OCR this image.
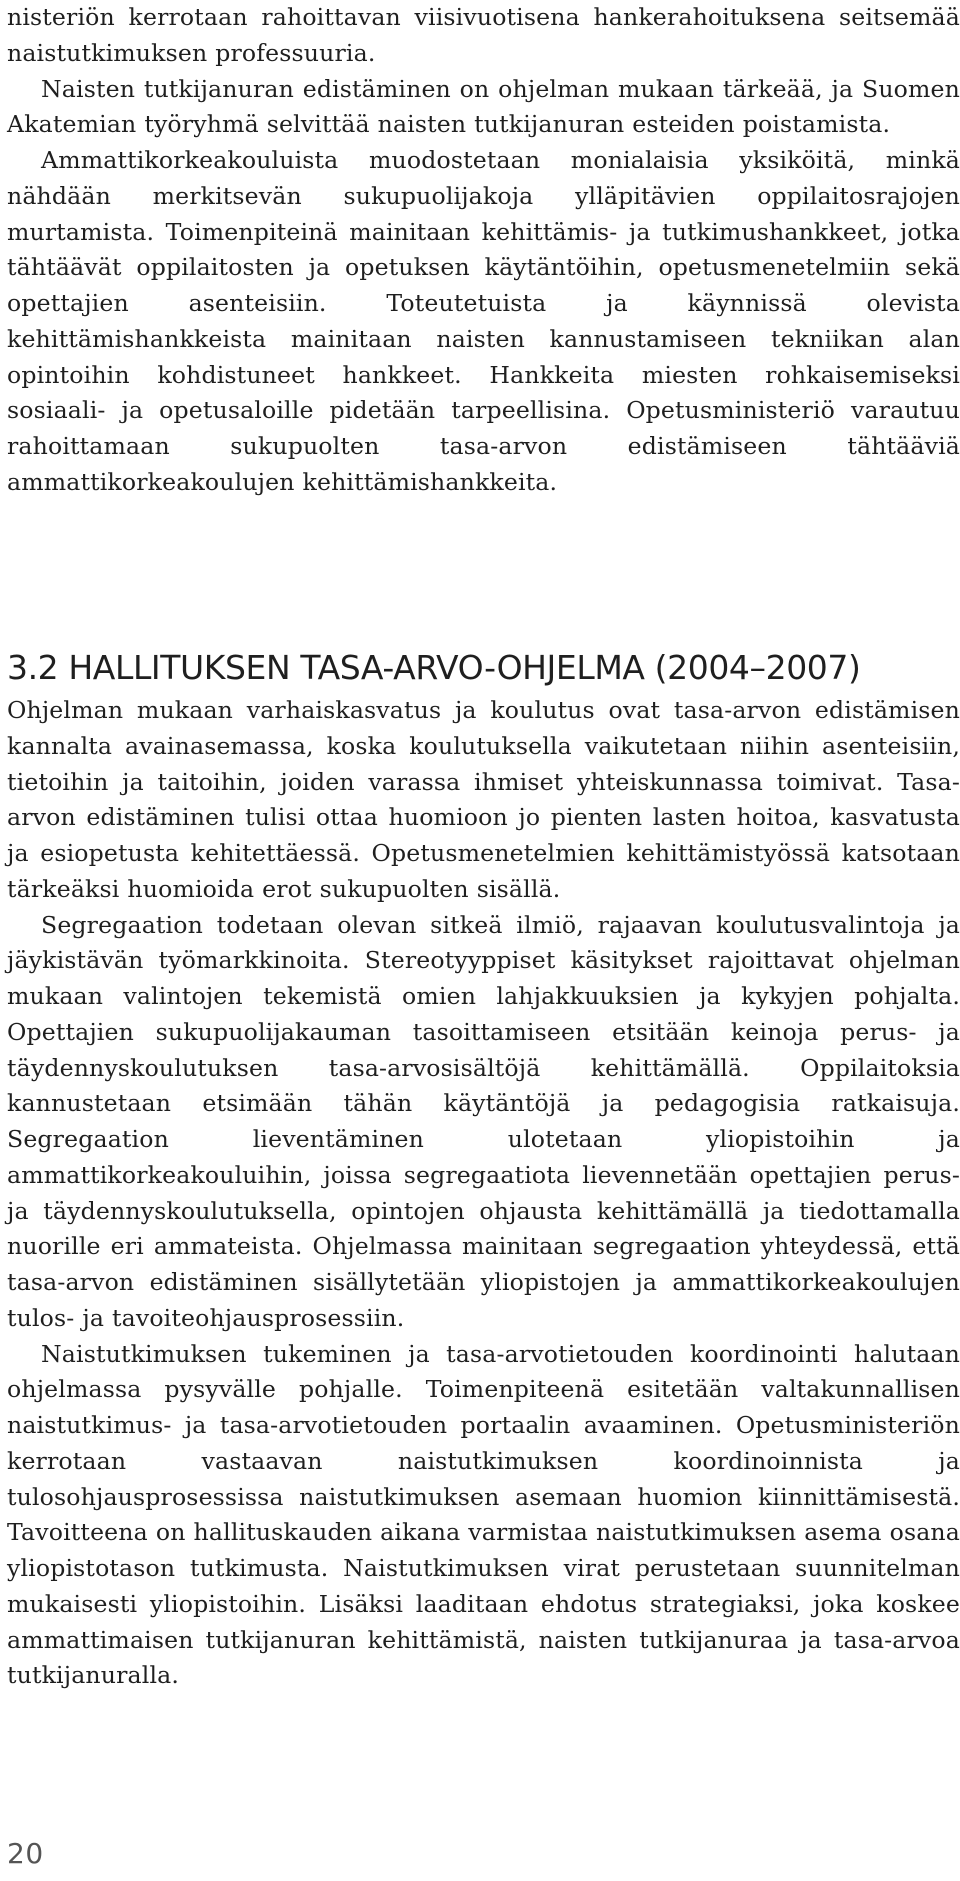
nisteriön kerrotaan rahoittavan viisivuotisena hankerahoituksena seitsemää naistutkimuksen professuuria.

Naisten tutkijanuran edistäminen on ohjelman mukaan tärkeää, ja Suomen Akatemian työryhmä selvittää naisten tutkijanuran esteiden poistamista.

Ammattikorkeakouluista muodostetaan monialaisia yksiköitä, minkä nähdään merkitsevän sukupuolijakoja ylläpitävien oppilaitosrajojen murtamista. Toimenpiteinä mainitaan kehittämis- ja tutkimushankkeet, jotka tähtäävät oppilaitosten ja opetuksen käytäntöihin, opetusmenetelmiin sekä opettajien asenteisiin. Toteutetuista ja käynnissä olevista kehittämishankkeista mainitaan naisten kannustamiseen tekniikan alan opintoihin kohdistuneet hankkeet. Hankkeita miesten rohkaisemiseksi sosiaali- ja opetusaloille pidetään tarpeellisina. Opetusministeriö varautuu rahoittamaan sukupuolten tasa-arvon edistämiseen tähtääviä ammattikorkeakoulujen kehittämishankkeita.

3.2 HALLITUKSEN TASA-ARVO-OHJELMA (2004–2007)

Ohjelman mukaan varhaiskasvatus ja koulutus ovat tasa-arvon edistämisen kannalta avainasemassa, koska koulutuksella vaikutetaan niihin asenteisiin, tietoihin ja taitoihin, joiden varassa ihmiset yhteiskunnassa toimivat. Tasa-arvon edistäminen tulisi ottaa huomioon jo pienten lasten hoitoa, kasvatusta ja esiopetusta kehitettäessä. Opetusmenetelmien kehittämistyössä katsotaan tärkeäksi huomioida erot sukupuolten sisällä.

Segregaation todetaan olevan sitkeä ilmiö, rajaavan koulutusvalintoja ja jäykistävän työmarkkinoita. Stereotyyppiset käsitykset rajoittavat ohjelman mukaan valintojen tekemistä omien lahjakkuuksien ja kykyjen pohjalta. Opettajien sukupuolijakauman tasoittamiseen etsitään keinoja perus- ja täydennyskoulutuksen tasa-arvosisältöjä kehittämällä. Oppilaitoksia kannustetaan etsimään tähän käytäntöjä ja pedagogisia ratkaisuja. Segregaation lieventäminen ulotetaan yliopistoihin ja ammattikorkeakouluihin, joissa segregaatiota lievennetään opettajien perus- ja täydennyskoulutuksella, opintojen ohjausta kehittämällä ja tiedottamalla nuorille eri ammateista. Ohjelmassa mainitaan segregaation yhteydessä, että tasa-arvon edistäminen sisällytetään yliopistojen ja ammattikorkeakoulujen tulos- ja tavoiteohjausprosessiin.

Naistutkimuksen tukeminen ja tasa-arvotietouden koordinointi halutaan ohjelmassa pysyvälle pohjalle. Toimenpiteenä esitetään valtakunnallisen naistutkimus- ja tasa-arvotietouden portaalin avaaminen. Opetusministeriön kerrotaan vastaavan naistutkimuksen koordinoinnista ja tulosohjausprosessissa naistutkimuksen asemaan huomion kiinnittämisestä. Tavoitteena on hallituskauden aikana varmistaa naistutkimuksen asema osana yliopistotason tutkimusta. Naistutkimuksen virat perustetaan suunnitelman mukaisesti yliopistoihin. Lisäksi laaditaan ehdotus strategiaksi, joka koskee ammattimaisen tutkijanuran kehittämistä, naisten tutkijanuraa ja tasa-arvoa tutkijanuralla.

20
